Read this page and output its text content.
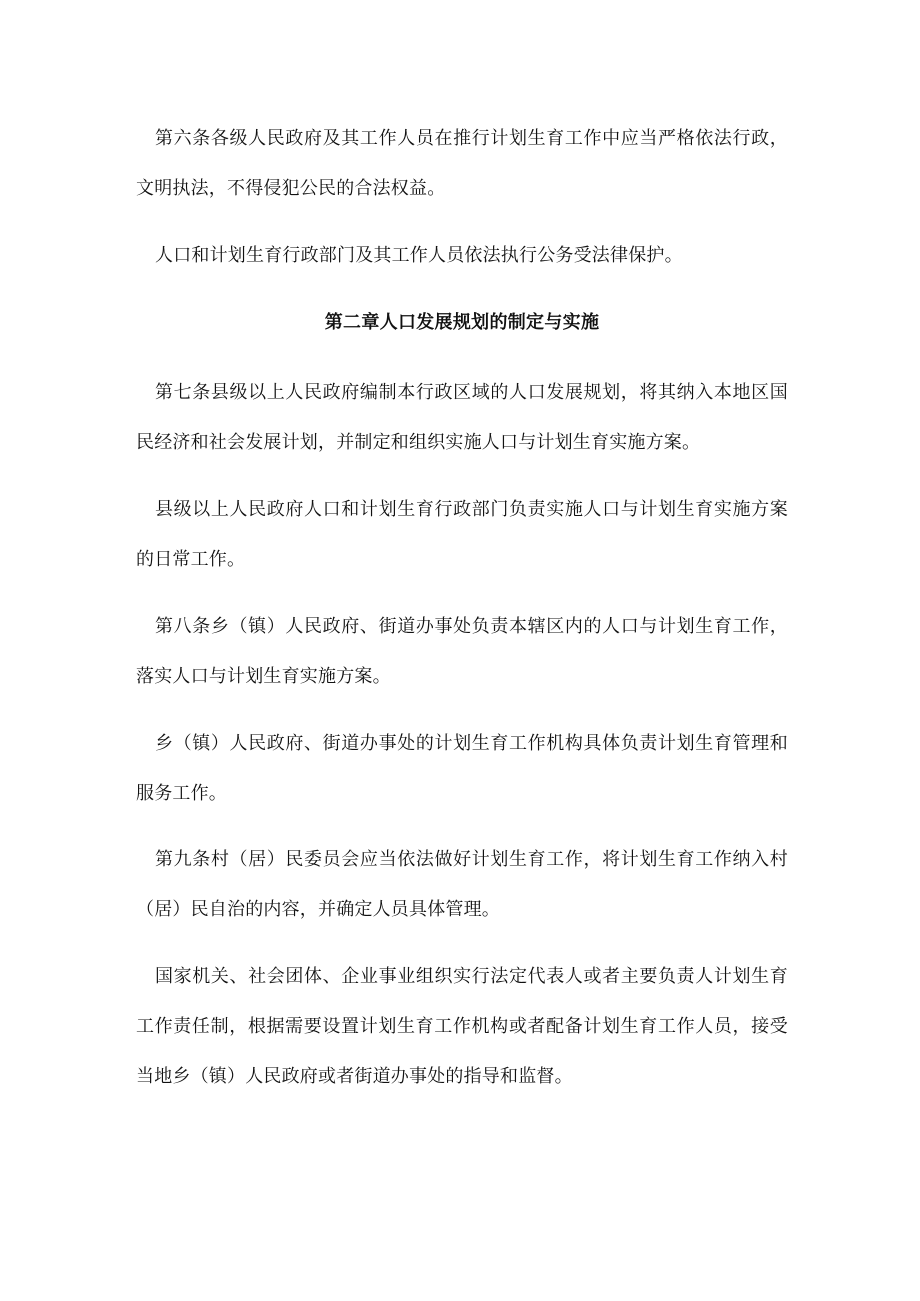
第六条各级人民政府及其工作人员在推行计划生育工作中应当严格依法行政，文明执法，不得侵犯公民的合法权益。

人口和计划生育行政部门及其工作人员依法执行公务受法律保护。

第二章人口发展规划的制定与实施

第七条县级以上人民政府编制本行政区域的人口发展规划，将其纳入本地区国民经济和社会发展计划，并制定和组织实施人口与计划生育实施方案。

县级以上人民政府人口和计划生育行政部门负责实施人口与计划生育实施方案的日常工作。

第八条乡（镇）人民政府、街道办事处负责本辖区内的人口与计划生育工作，落实人口与计划生育实施方案。

乡（镇）人民政府、街道办事处的计划生育工作机构具体负责计划生育管理和服务工作。

第九条村（居）民委员会应当依法做好计划生育工作，将计划生育工作纳入村（居）民自治的内容，并确定人员具体管理。

国家机关、社会团体、企业事业组织实行法定代表人或者主要负责人计划生育工作责任制，根据需要设置计划生育工作机构或者配备计划生育工作人员，接受当地乡（镇）人民政府或者街道办事处的指导和监督。
